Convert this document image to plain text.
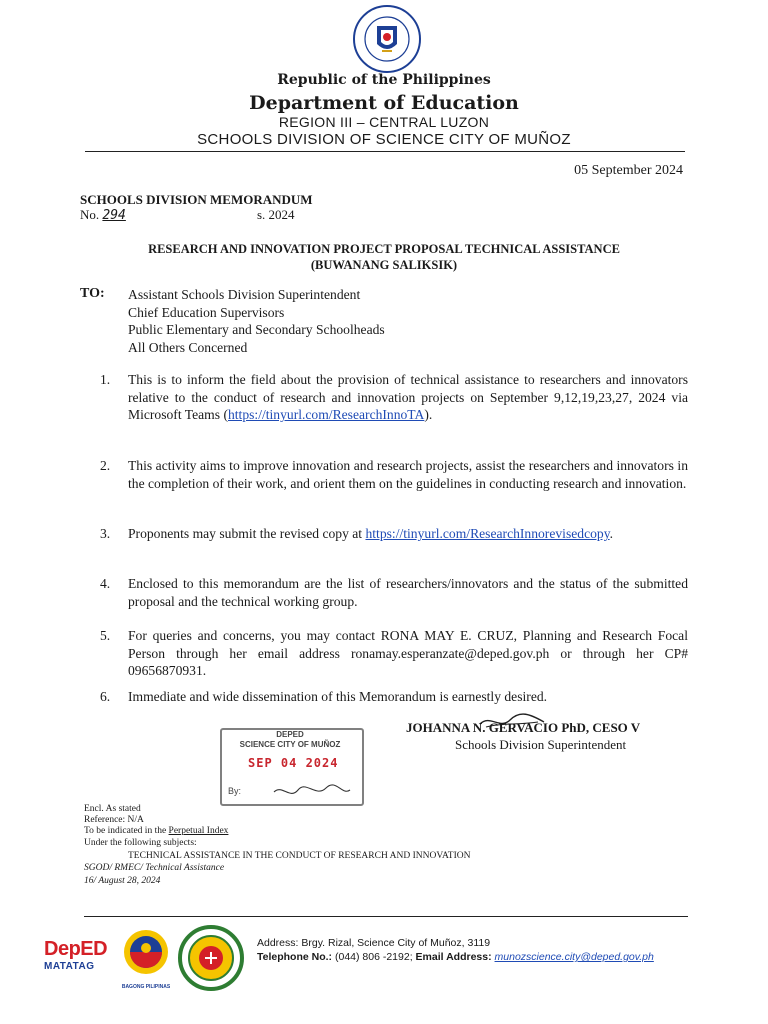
Republic of the Philippines
Department of Education
REGION III – CENTRAL LUZON
SCHOOLS DIVISION OF SCIENCE CITY OF MUÑOZ
05 September 2024
SCHOOLS DIVISION MEMORANDUM
No. 294	s. 2024
RESEARCH AND INNOVATION PROJECT PROPOSAL TECHNICAL ASSISTANCE
(BUWANANG SALIKSIK)
TO: Assistant Schools Division Superintendent
Chief Education Supervisors
Public Elementary and Secondary Schoolheads
All Others Concerned
1. This is to inform the field about the provision of technical assistance to researchers and innovators relative to the conduct of research and innovation projects on September 9,12,19,23,27, 2024 via Microsoft Teams (https://tinyurl.com/ResearchInnoTA).
2. This activity aims to improve innovation and research projects, assist the researchers and innovators in the completion of their work, and orient them on the guidelines in conducting research and innovation.
3. Proponents may submit the revised copy at https://tinyurl.com/ResearchInnorevisedcopy.
4. Enclosed to this memorandum are the list of researchers/innovators and the status of the submitted proposal and the technical working group.
5. For queries and concerns, you may contact RONA MAY E. CRUZ, Planning and Research Focal Person through her email address ronamay.esperanzate@deped.gov.ph or through her CP# 09656870931.
6. Immediate and wide dissemination of this Memorandum is earnestly desired.
JOHANNA N. GERVACIO PhD, CESO V
Schools Division Superintendent
DEPED
SCIENCE CITY OF MUÑOZ
SEP 04 2024
By:
Encl. As stated
Reference: N/A
To be indicated in the Perpetual Index
Under the following subjects:
TECHNICAL ASSISTANCE IN THE CONDUCT OF RESEARCH AND INNOVATION
SGOD/ RMEC/ Technical Assistance
16/ August 28, 2024
DepED
MATATAG
BAGONG PILIPINAS
Address: Brgy. Rizal, Science City of Muñoz, 3119
Telephone No.: (044) 806 -2192; Email Address: munozscience.city@deped.gov.ph
